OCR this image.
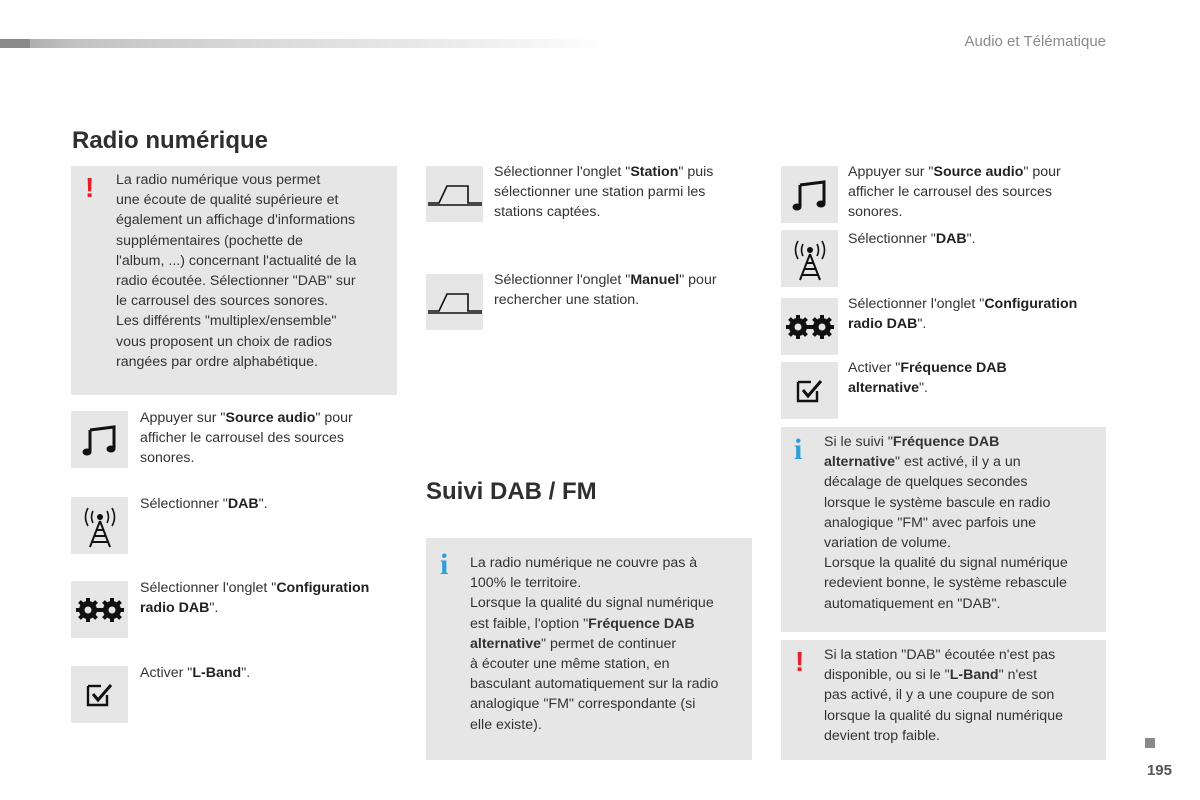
Audio et Télématique
Radio numérique
! La radio numérique vous permet
une écoute de qualité supérieure et
également un affichage d'informations
supplémentaires (pochette de
l'album, ...) concernant l'actualité de la
radio écoutée. Sélectionner "DAB" sur
le carrousel des sources sonores.
Les différents "multiplex/ensemble"
vous proposent un choix de radios
rangées par ordre alphabétique.
Appuyer sur "Source audio" pour
afficher le carrousel des sources
sonores.
Sélectionner "DAB".
Sélectionner l'onglet "Configuration
radio DAB".
Activer "L-Band".
Sélectionner l'onglet "Station" puis
sélectionner une station parmi les
stations captées.
Sélectionner l'onglet "Manuel" pour
rechercher une station.
Suivi DAB / FM
i La radio numérique ne couvre pas à
100% le territoire.
Lorsque la qualité du signal numérique
est faible, l'option "Fréquence DAB
alternative" permet de continuer
à écouter une même station, en
basculant automatiquement sur la radio
analogique "FM" correspondante (si
elle existe).
Appuyer sur "Source audio" pour
afficher le carrousel des sources
sonores.
Sélectionner "DAB".
Sélectionner l'onglet "Configuration
radio DAB".
Activer "Fréquence DAB
alternative".
i Si le suivi "Fréquence DAB
alternative" est activé, il y a un
décalage de quelques secondes
lorsque le système bascule en radio
analogique "FM" avec parfois une
variation de volume.
Lorsque la qualité du signal numérique
redevient bonne, le système rebascule
automatiquement en "DAB".
! Si la station "DAB" écoutée n'est pas
disponible, ou si le "L-Band" n'est
pas activé, il y a une coupure de son
lorsque la qualité du signal numérique
devient trop faible.
195
